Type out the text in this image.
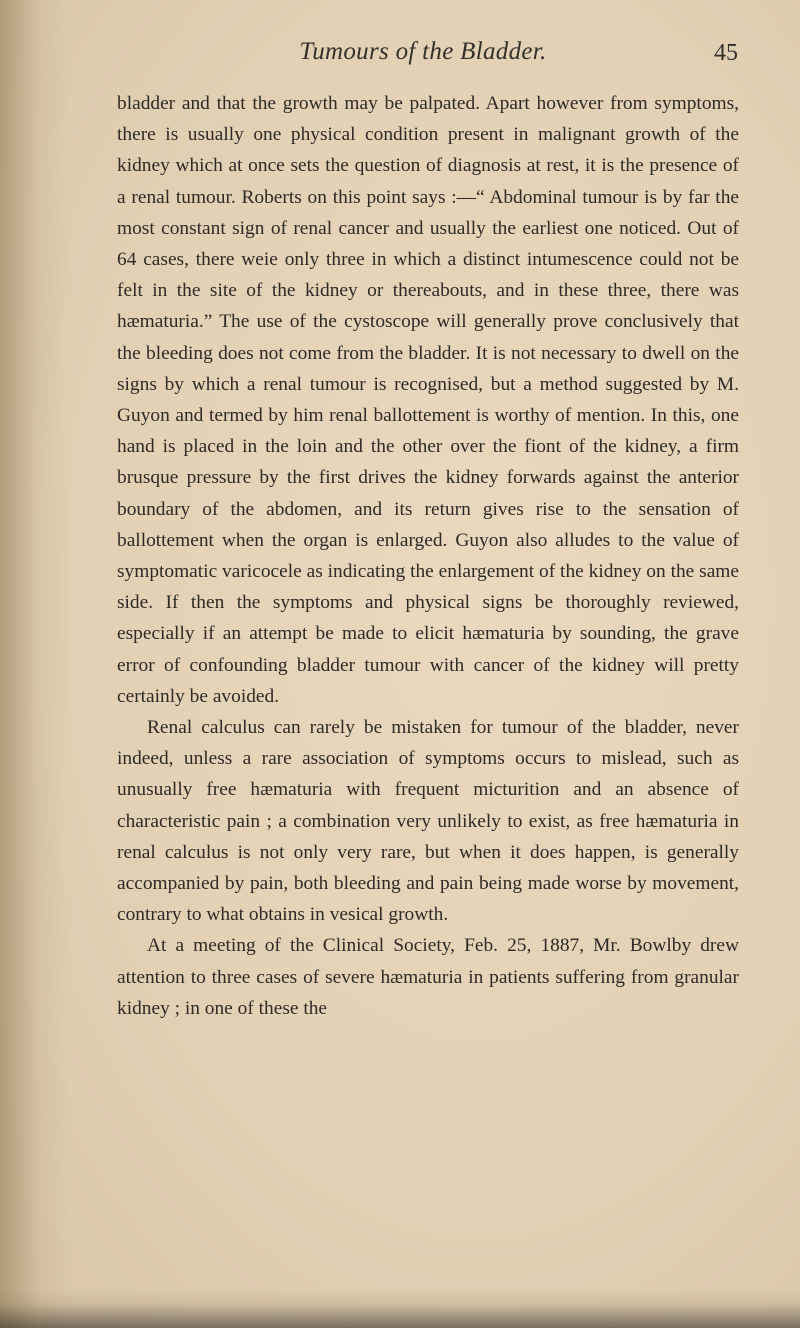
Tumours of the Bladder.	45

bladder and that the growth may be palpated. Apart however from symptoms, there is usually one physical condition present in malignant growth of the kidney which at once sets the question of diagnosis at rest, it is the presence of a renal tumour. Roberts on this point says :—“ Abdominal tumour is by far the most constant sign of renal cancer and usually the earliest one noticed. Out of 64 cases, there weie only three in which a distinct intumescence could not be felt in the site of the kidney or thereabouts, and in these three, there was hæmaturia.” The use of the cystoscope will generally prove conclusively that the bleeding does not come from the bladder. It is not necessary to dwell on the signs by which a renal tumour is recognised, but a method suggested by M. Guyon and termed by him renal ballottement is worthy of mention. In this, one hand is placed in the loin and the other over the fiont of the kidney, a firm brusque pressure by the first drives the kidney forwards against the anterior boundary of the abdomen, and its return gives rise to the sensation of ballottement when the organ is enlarged. Guyon also alludes to the value of symptomatic varicocele as indicating the enlargement of the kidney on the same side. If then the symptoms and physical signs be thoroughly reviewed, especially if an attempt be made to elicit hæmaturia by sounding, the grave error of confounding bladder tumour with cancer of the kidney will pretty certainly be avoided.

Renal calculus can rarely be mistaken for tumour of the bladder, never indeed, unless a rare association of symptoms occurs to mislead, such as unusually free hæmaturia with frequent micturition and an absence of characteristic pain ; a combination very unlikely to exist, as free hæmaturia in renal calculus is not only very rare, but when it does happen, is generally accompanied by pain, both bleeding and pain being made worse by movement, contrary to what obtains in vesical growth.

At a meeting of the Clinical Society, Feb. 25, 1887, Mr. Bowlby drew attention to three cases of severe hæmaturia in patients suffering from granular kidney ; in one of these the
